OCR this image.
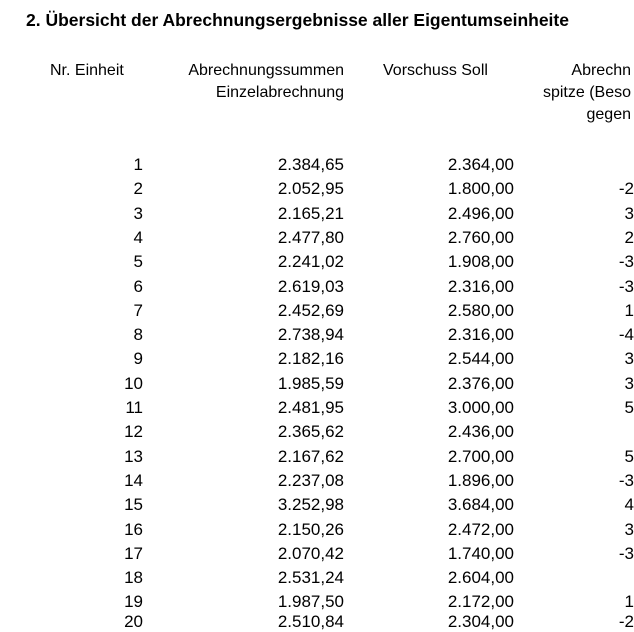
2. Übersicht der Abrechnungsergebnisse aller Eigentumseinheite
Nr. Einheit	Abrechnungssummen
Einzelabrechnung
Vorschuss Soll	Abrechn
spitze (Beso
gegen
1	2.384,65	2.364,00
2	2.052,95	1.800,00	-2
3	2.165,21	2.496,00	3
4	2.477,80	2.760,00	2
5	2.241,02	1.908,00	-3
6	2.619,03	2.316,00	-3
7	2.452,69	2.580,00	1
8	2.738,94	2.316,00	-4
9	2.182,16	2.544,00	3
10	1.985,59	2.376,00	3
11	2.481,95	3.000,00	5
12	2.365,62	2.436,00
13	2.167,62	2.700,00	5
14	2.237,08	1.896,00	-3
15	3.252,98	3.684,00	4
16	2.150,26	2.472,00	3
17	2.070,42	1.740,00	-3
18	2.531,24	2.604,00
19	1.987,50	2.172,00	1
20	2.510,84	2.304,00	-2
